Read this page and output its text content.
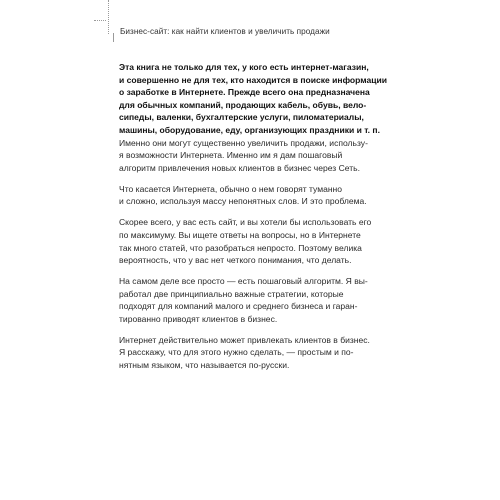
Бизнес-сайт: как найти клиентов и увеличить продажи

Эта книга не только для тех, у кого есть интернет-магазин,
и совершенно не для тех, кто находится в поиске информации
о заработке в Интернете. Прежде всего она предназначена
для обычных компаний, продающих кабель, обувь, вело-
сипеды, валенки, бухгалтерские услуги, пиломатериалы,
машины, оборудование, еду, организующих праздники и т. п.
Именно они могут существенно увеличить продажи, использу-
я возможности Интернета. Именно им я дам пошаговый
алгоритм привлечения новых клиентов в бизнес через Сеть.

Что касается Интернета, обычно о нем говорят туманно
и сложно, используя массу непонятных слов. И это проблема.

Скорее всего, у вас есть сайт, и вы хотели бы использовать его
по максимуму. Вы ищете ответы на вопросы, но в Интернете
так много статей, что разобраться непросто. Поэтому велика
вероятность, что у вас нет четкого понимания, что делать.

На самом деле все просто — есть пошаговый алгоритм. Я вы-
работал две принципиально важные стратегии, которые
подходят для компаний малого и среднего бизнеса и гаран-
тированно приводят клиентов в бизнес.

Интернет действительно может привлекать клиентов в бизнес.
Я расскажу, что для этого нужно сделать, — простым и по-
нятным языком, что называется по-русски.
